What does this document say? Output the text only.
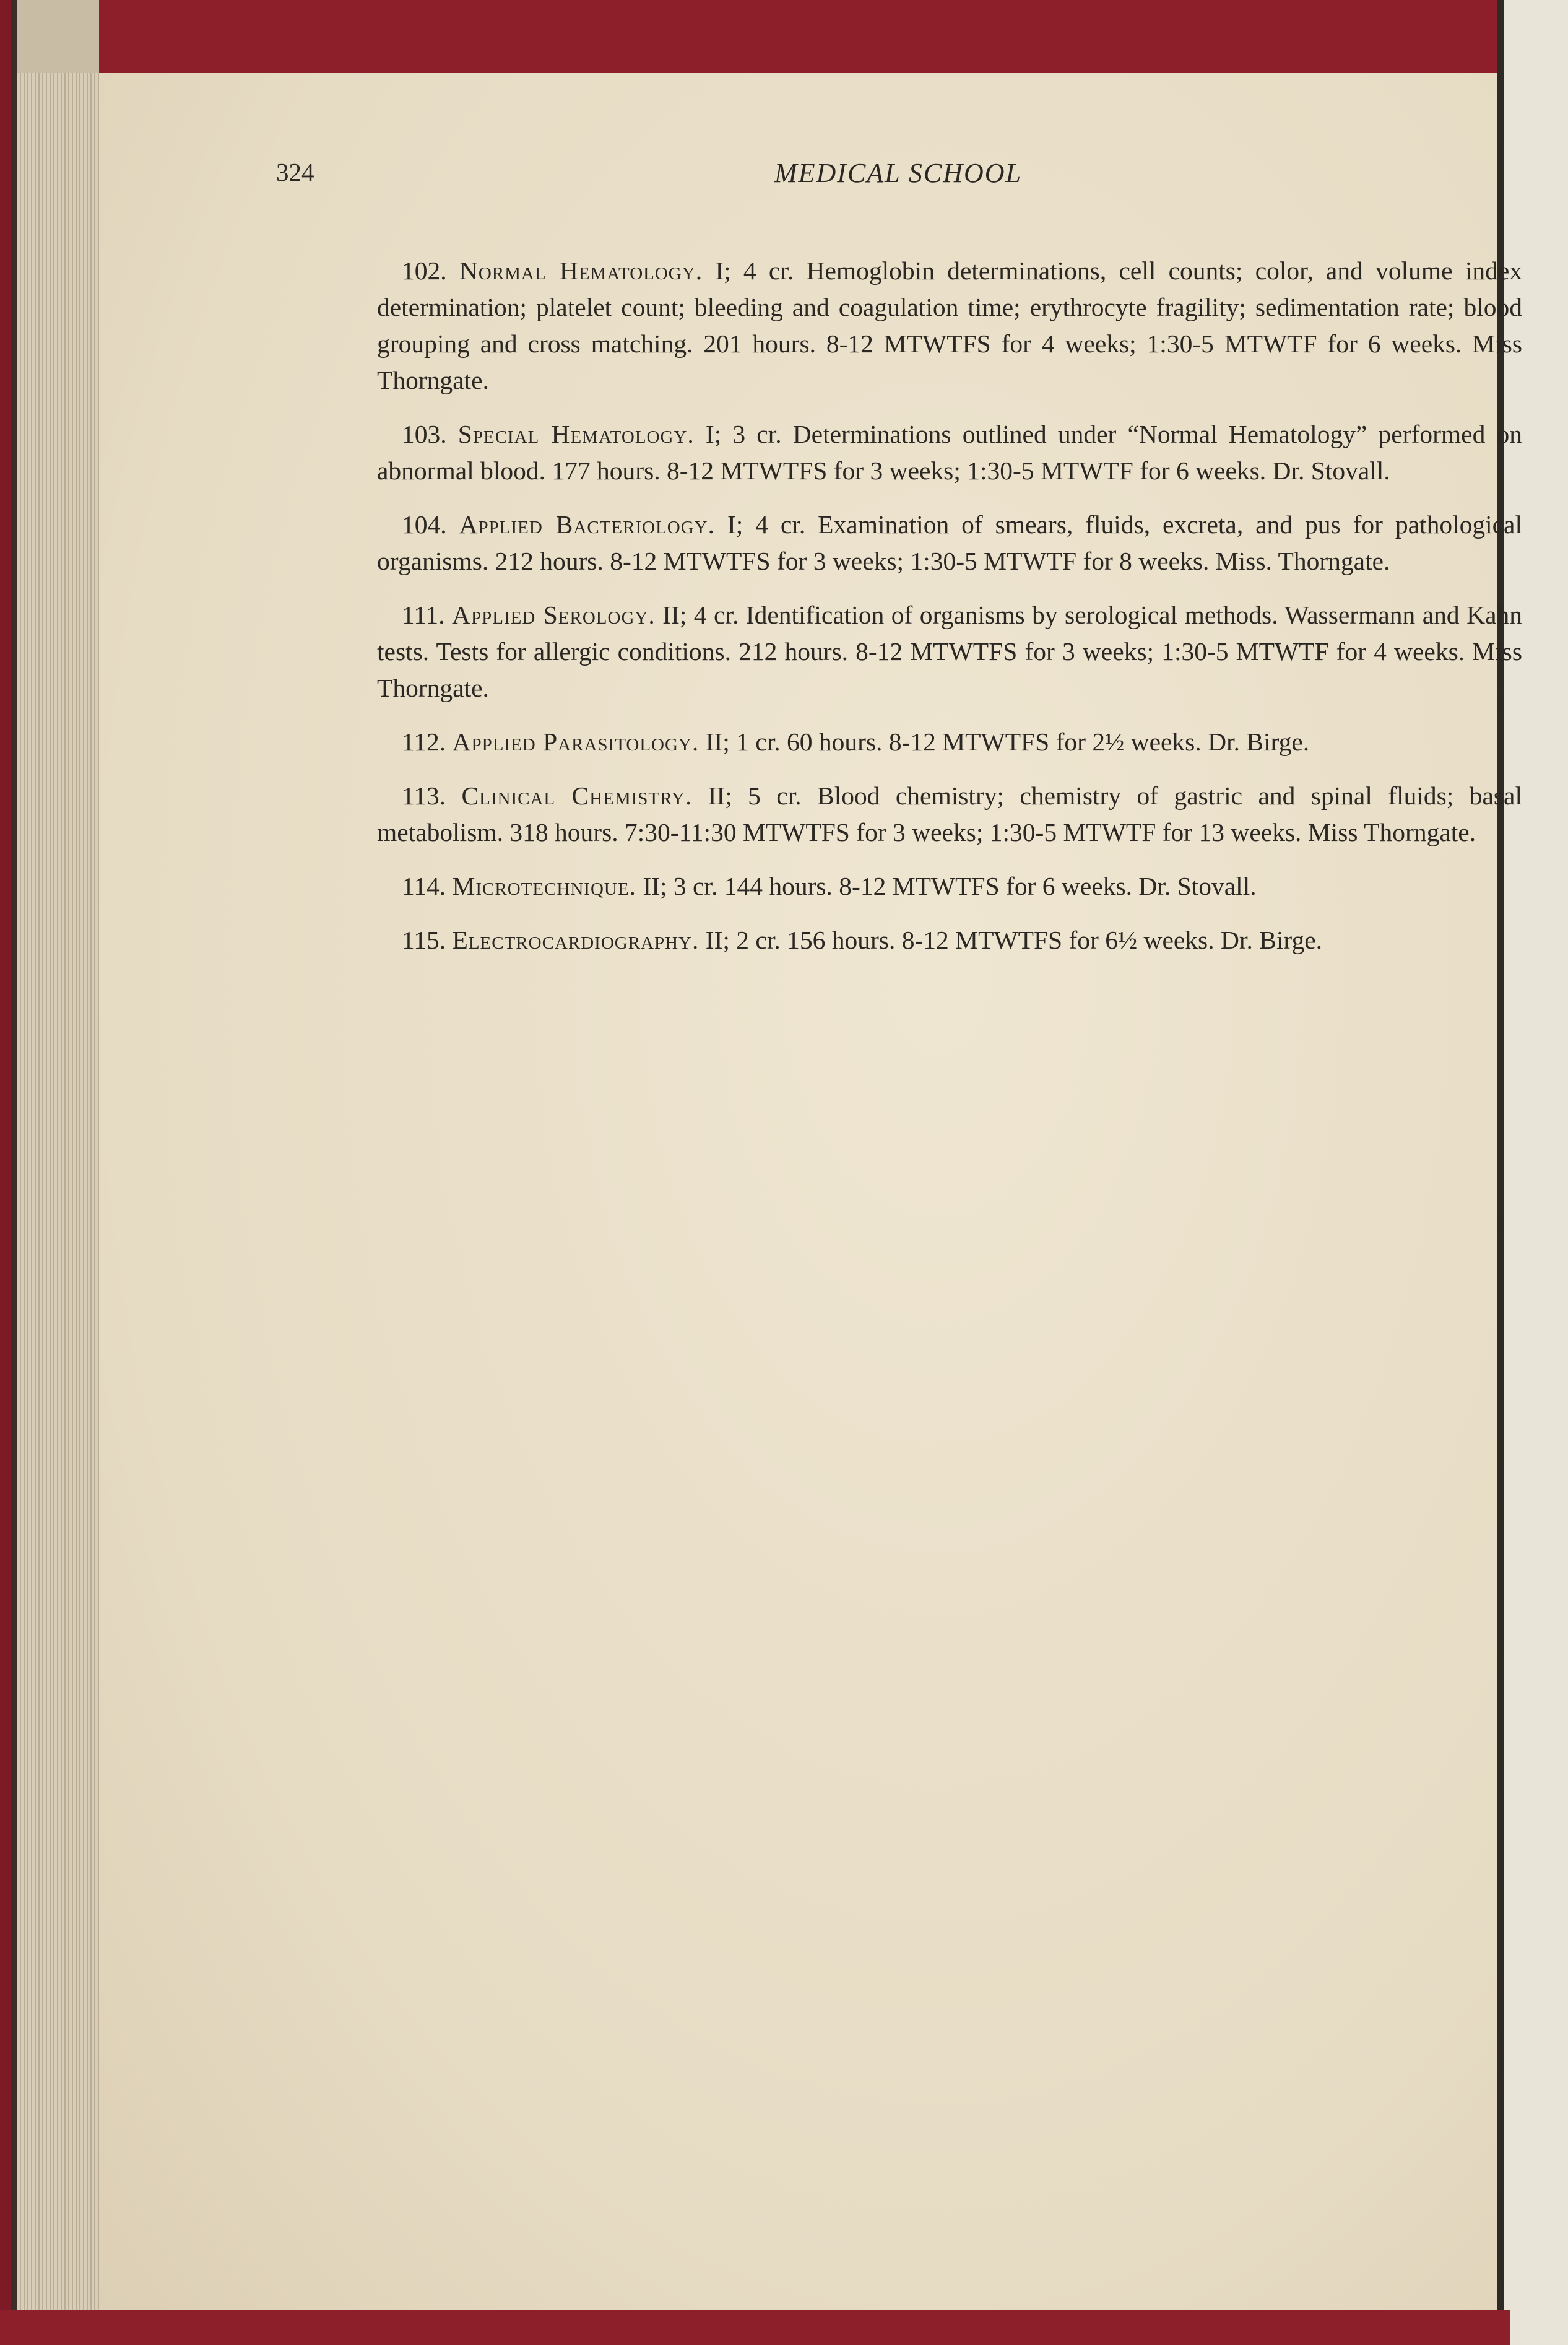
324	MEDICAL SCHOOL

102. Normal Hematology. I; 4 cr. Hemoglobin determinations, cell counts; color, and volume index determination; platelet count; bleeding and coagulation time; erythrocyte fragility; sedimentation rate; blood grouping and cross matching. 201 hours. 8-12 MTWTFS for 4 weeks; 1:30-5 MTWTF for 6 weeks. Miss Thorngate.

103. Special Hematology. I; 3 cr. Determinations outlined under “Normal Hematology” performed on abnormal blood. 177 hours. 8-12 MTWTFS for 3 weeks; 1:30-5 MTWTF for 6 weeks. Dr. Stovall.

104. Applied Bacteriology. I; 4 cr. Examination of smears, fluids, excreta, and pus for pathological organisms. 212 hours. 8-12 MTWTFS for 3 weeks; 1:30-5 MTWTF for 8 weeks. Miss. Thorngate.

111. Applied Serology. II; 4 cr. Identification of organisms by serological methods. Wassermann and Kahn tests. Tests for allergic conditions. 212 hours. 8-12 MTWTFS for 3 weeks; 1:30-5 MTWTF for 4 weeks. Miss Thorngate.

112. Applied Parasitology. II; 1 cr. 60 hours. 8-12 MTWTFS for 2½ weeks. Dr. Birge.

113. Clinical Chemistry. II; 5 cr. Blood chemistry; chemistry of gastric and spinal fluids; basal metabolism. 318 hours. 7:30-11:30 MTWTFS for 3 weeks; 1:30-5 MTWTF for 13 weeks. Miss Thorngate.

114. Microtechnique. II; 3 cr. 144 hours. 8-12 MTWTFS for 6 weeks. Dr. Stovall.

115. Electrocardiography. II; 2 cr. 156 hours. 8-12 MTWTFS for 6½ weeks. Dr. Birge.
